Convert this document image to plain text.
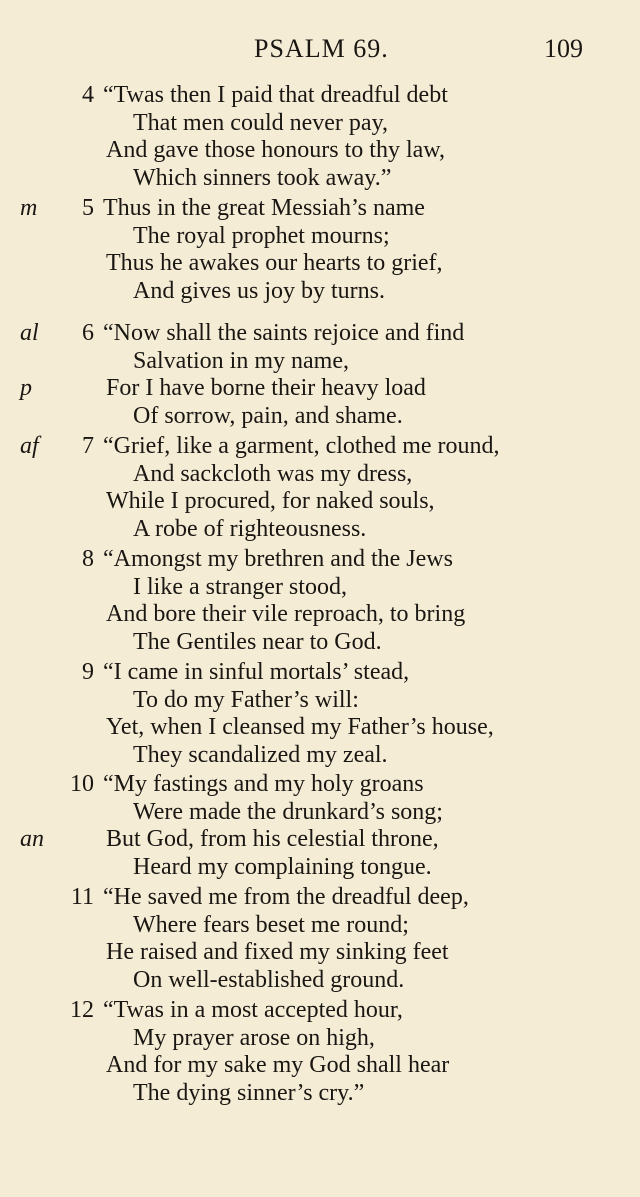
PSALM 69.	109
4 “Twas then I paid that dreadful debt
That men could never pay,
And gave those honours to thy law,
Which sinners took away.”
5
m	Thus in the great Messiah’s name
The royal prophet mourns;
Thus he awakes our hearts to grief,
And gives us joy by turns.
6
al	“Now shall the saints rejoice and find
Salvation in my name,
p	For I have borne their heavy load
Of sorrow, pain, and shame.
7
af	“Grief, like a garment, clothed me round,
And sackcloth was my dress,
While I procured, for naked souls,
A robe of righteousness.
8 “Amongst my brethren and the Jews
I like a stranger stood,
And bore their vile reproach, to bring
The Gentiles near to God.
9 “I came in sinful mortals’ stead,
To do my Father’s will:
Yet, when I cleansed my Father’s house,
They scandalized my zeal.
10 “My fastings and my holy groans
Were made the drunkard’s song;
an	But God, from his celestial throne,
Heard my complaining tongue.
11 “He saved me from the dreadful deep,
Where fears beset me round;
He raised and fixed my sinking feet
On well-established ground.
12 “Twas in a most accepted hour,
My prayer arose on high,
And for my sake my God shall hear
The dying sinner’s cry.”
